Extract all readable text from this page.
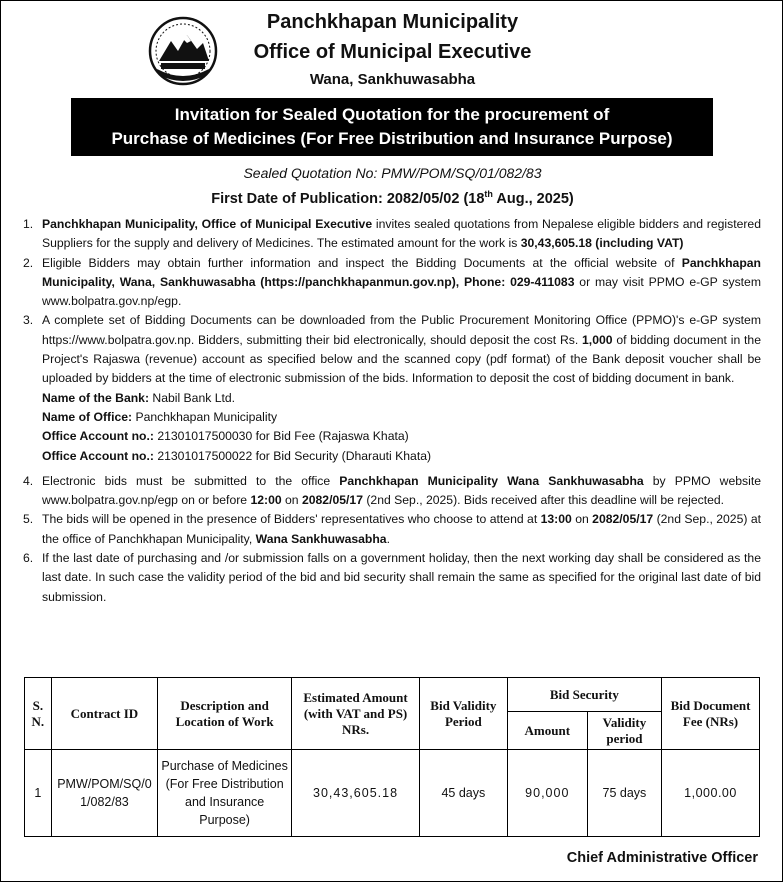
Panchkhapan Municipality
Office of Municipal Executive
Wana, Sankhuwasabha
Invitation for Sealed Quotation for the procurement of
Purchase of Medicines (For Free Distribution and Insurance Purpose)
Sealed Quotation No: PMW/POM/SQ/01/082/83
First Date of Publication: 2082/05/02 (18th Aug., 2025)
1. Panchkhapan Municipality, Office of Municipal Executive invites sealed quotations from Nepalese eligible bidders and registered Suppliers for the supply and delivery of Medicines. The estimated amount for the work is 30,43,605.18 (including VAT)
2. Eligible Bidders may obtain further information and inspect the Bidding Documents at the official website of Panchkhapan Municipality, Wana, Sankhuwasabha (https://panchkhapanmun.gov.np), Phone: 029-411083 or may visit PPMO e-GP system www.bolpatra.gov.np/egp.
3. A complete set of Bidding Documents can be downloaded from the Public Procurement Monitoring Office (PPMO)'s e-GP system https://www.bolpatra.gov.np. Bidders, submitting their bid electronically, should deposit the cost Rs. 1,000 of bidding document in the Project's Rajaswa (revenue) account as specified below and the scanned copy (pdf format) of the Bank deposit voucher shall be uploaded by bidders at the time of electronic submission of the bids. Information to deposit the cost of bidding document in bank.
Name of the Bank: Nabil Bank Ltd.
Name of Office: Panchkhapan Municipality
Office Account no.: 21301017500030 for Bid Fee (Rajaswa Khata)
Office Account no.: 21301017500022 for Bid Security (Dharauti Khata)
4. Electronic bids must be submitted to the office Panchkhapan Municipality Wana Sankhuwasabha by PPMO website www.bolpatra.gov.np/egp on or before 12:00 on 2082/05/17 (2nd Sep., 2025). Bids received after this deadline will be rejected.
5. The bids will be opened in the presence of Bidders' representatives who choose to attend at 13:00 on 2082/05/17 (2nd Sep., 2025) at the office of Panchkhapan Municipality, Wana Sankhuwasabha.
6. If the last date of purchasing and /or submission falls on a government holiday, then the next working day shall be considered as the last date. In such case the validity period of the bid and bid security shall remain the same as specified for the original last date of bid submission.
S. N.	Contract ID	Description and Location of Work	Estimated Amount (with VAT and PS) NRs.	Bid Validity Period	Bid Security		Bid Document Fee (NRs)
					Amount	Validity period	
1	PMW/POM/SQ/01/082/83	Purchase of Medicines (For Free Distribution and Insurance Purpose)	30,43,605.18	45 days	90,000	75 days	1,000.00
Chief Administrative Officer
